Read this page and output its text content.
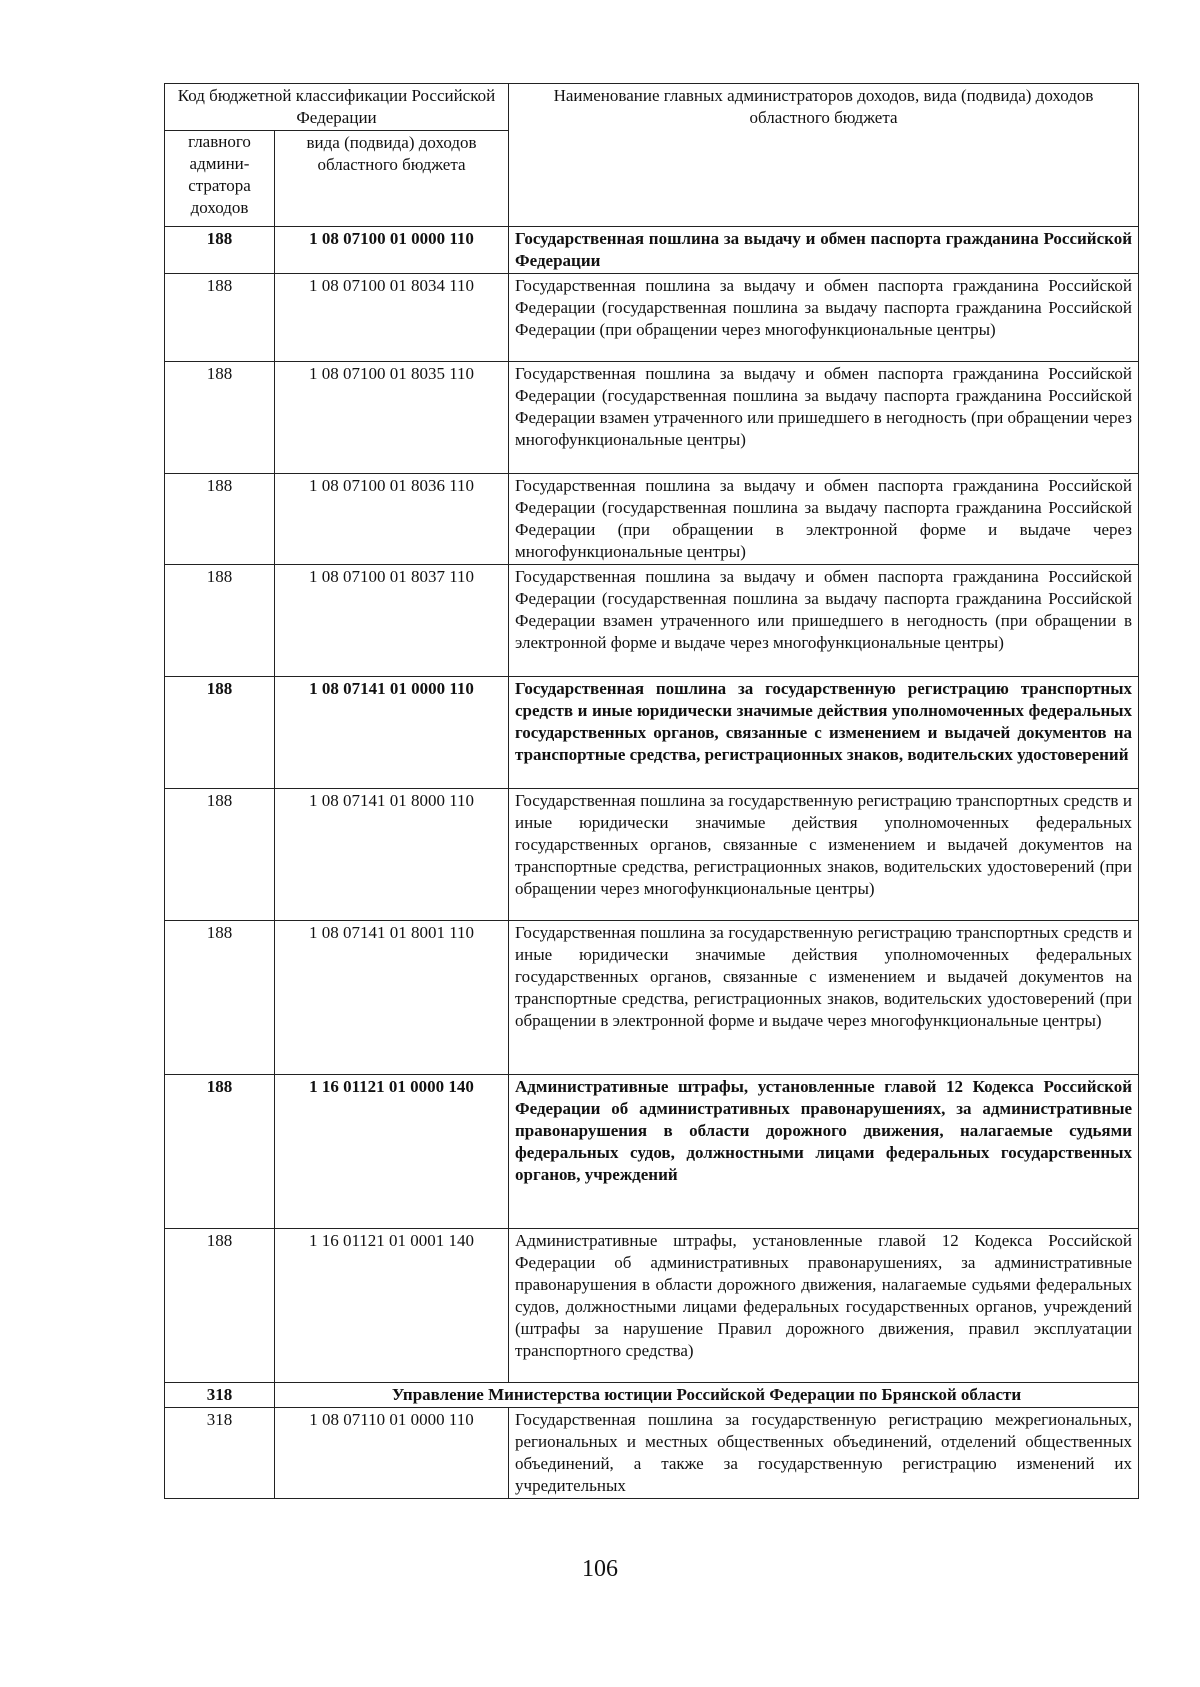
Код бюджетной классификации Российской Федерации		Наименование главных администраторов доходов, вида (подвида) доходов областного бюджета
главного админи-стратора доходов	вида (подвида) доходов областного бюджета	
188	1 08 07100 01 0000 110	Государственная пошлина за выдачу и обмен паспорта гражданина Российской Федерации
188	1 08 07100 01 8034 110	Государственная пошлина за выдачу и обмен паспорта гражданина Российской Федерации (государственная пошлина за выдачу паспорта гражданина Российской Федерации (при обращении через многофункциональные центры)
188	1 08 07100 01 8035 110	Государственная пошлина за выдачу и обмен паспорта гражданина Российской Федерации (государственная пошлина за выдачу паспорта гражданина Российской Федерации взамен утраченного или пришедшего в негодность (при обращении через многофункциональные центры)
188	1 08 07100 01 8036 110	Государственная пошлина за выдачу и обмен паспорта гражданина Российской Федерации (государственная пошлина за выдачу паспорта гражданина Российской Федерации (при обращении в электронной форме и выдаче через многофункциональные центры)
188	1 08 07100 01 8037 110	Государственная пошлина за выдачу и обмен паспорта гражданина Российской Федерации (государственная пошлина за выдачу паспорта гражданина Российской Федерации взамен утраченного или пришедшего в негодность (при обращении в электронной форме и выдаче через многофункциональные центры)
188	1 08 07141 01 0000 110	Государственная пошлина за государственную регистрацию транспортных средств и иные юридически значимые действия уполномоченных федеральных государственных органов, связанные с изменением и выдачей документов на транспортные средства, регистрационных знаков, водительских удостоверений
188	1 08 07141 01 8000 110	Государственная пошлина за государственную регистрацию транспортных средств и иные юридически значимые действия уполномоченных федеральных государственных органов, связанные с изменением и выдачей документов на транспортные средства, регистрационных знаков, водительских удостоверений (при обращении через многофункциональные центры)
188	1 08 07141 01 8001 110	Государственная пошлина за государственную регистрацию транспортных средств и иные юридически значимые действия уполномоченных федеральных государственных органов, связанные с изменением и выдачей документов на транспортные средства, регистрационных знаков, водительских удостоверений (при обращении в электронной форме и выдаче через многофункциональные центры)
188	1 16 01121 01 0000 140	Административные штрафы, установленные главой 12 Кодекса Российской Федерации об административных правонарушениях, за административные правонарушения в области дорожного движения, налагаемые судьями федеральных судов, должностными лицами федеральных государственных органов, учреждений
188	1 16 01121 01 0001 140	Административные штрафы, установленные главой 12 Кодекса Российской Федерации об административных правонарушениях, за административные правонарушения в области дорожного движения, налагаемые судьями федеральных судов, должностными лицами федеральных государственных органов, учреждений (штрафы за нарушение Правил дорожного движения, правил эксплуатации транспортного средства)
318	Управление Министерства юстиции Российской Федерации по Брянской области	
318	1 08 07110 01 0000 110	Государственная пошлина за государственную регистрацию межрегиональных, региональных и местных общественных объединений, отделений общественных объединений, а также за государственную регистрацию изменений их учредительных
106
